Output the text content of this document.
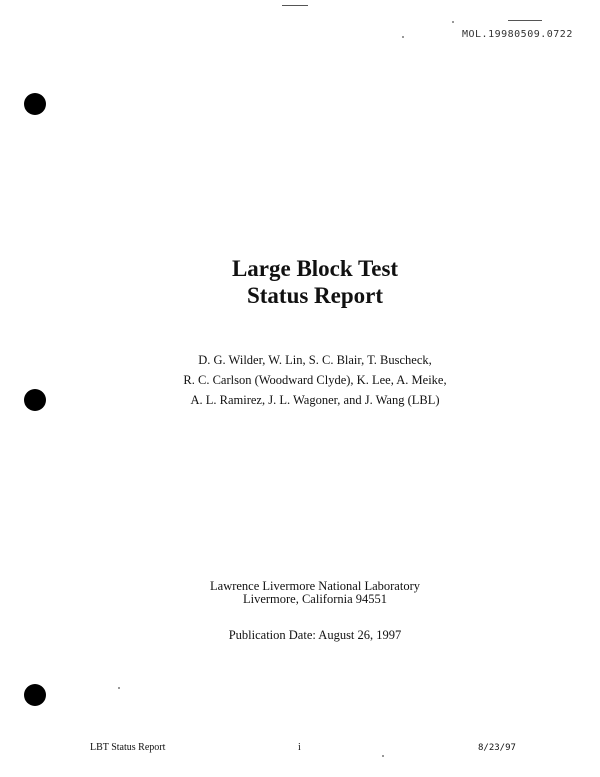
MOL.19980509.0722
Large Block Test
Status Report
D. G. Wilder, W. Lin, S. C. Blair, T. Buscheck,
R. C. Carlson (Woodward Clyde), K. Lee, A. Meike,
A. L. Ramirez, J. L. Wagoner, and J. Wang (LBL)
Lawrence Livermore National Laboratory
Livermore, California 94551
Publication Date: August 26, 1997
LBT Status Report	i	8/23/97
